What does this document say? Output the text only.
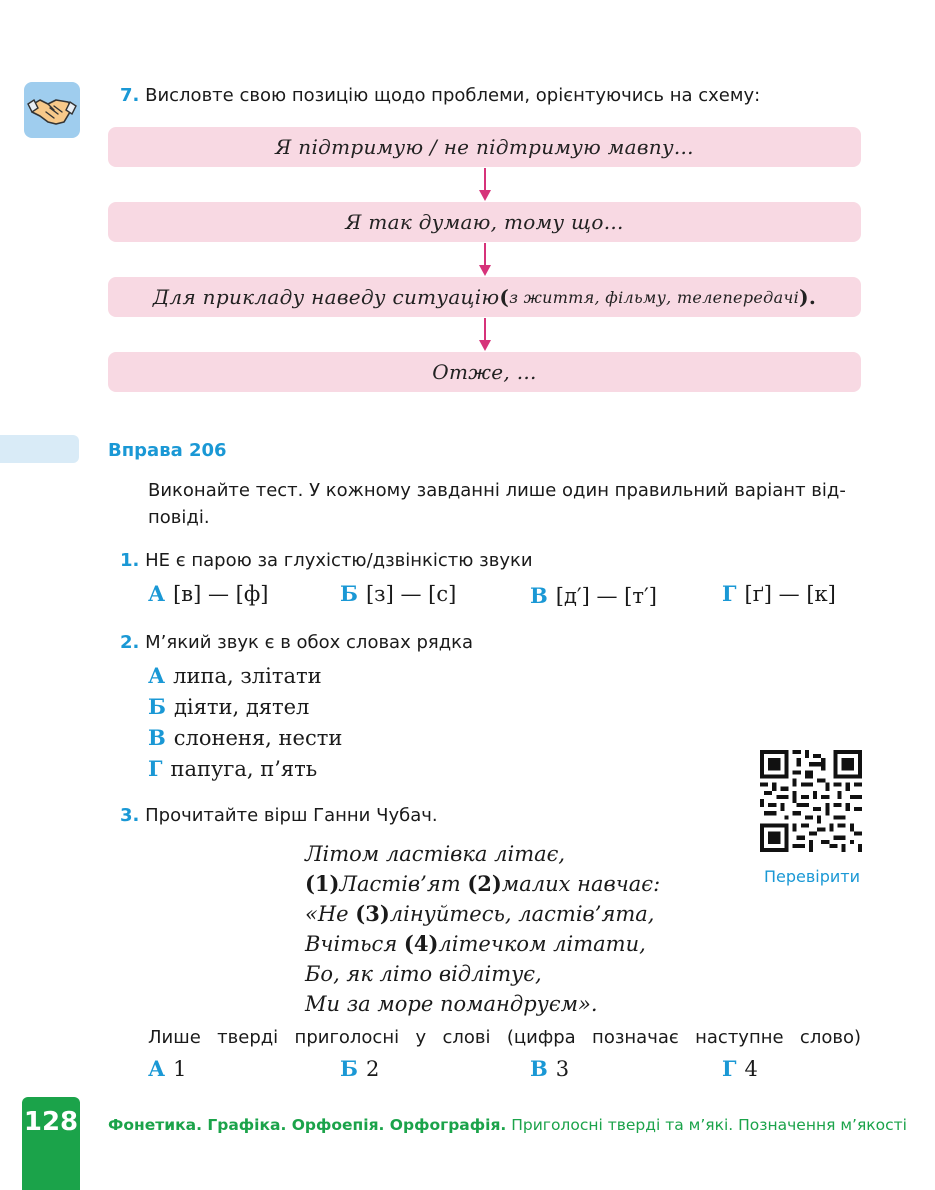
7. Висловте свою позицію щодо проблеми, орієнтуючись на схему:
Я підтримую / не підтримую мавпу...
Я так думаю, тому що...
Для прикладу наведу ситуацію ( з життя, фільму, телепередачі ).
Отже, ...
Вправа 206
Виконайте тест. У кожному завданні лише один правильний варіант від-
повіді.
1. НЕ є парою за глухістю/дзвінкістю звуки
А [в] — [ф]	Б [з] — [с]	В [д′] — [т′]	Г [ґ] — [к]
2. М’який звук є в обох словах рядка
А липа, злітати
Б діяти, дятел
В слоненя, нести
Г папуга, п’ять
Перевірити
3. Прочитайте вірш Ганни Чубач.
Літом ластівка літає,
(1)Ластів’ят (2)малих навчає:
«Не (3)лінуйтесь, ластів’ята,
Вчіться (4)літечком літати,
Бо, як літо відлітує,
Ми за море помандруєм».
Лише тверді приголосні у слові (цифра позначає наступне слово)
А 1	Б 2	В 3	Г 4
128 Фонетика. Графіка. Орфоепія. Орфографія. Приголосні тверді та м’які. Позначення м’якості
